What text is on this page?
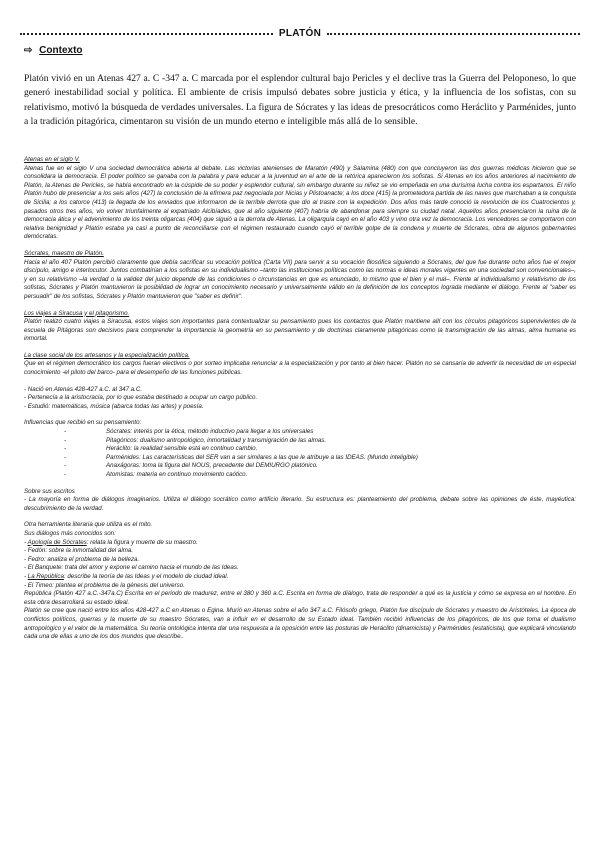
PLATÓN
⇨ Contexto

Platón vivió en un Atenas 427 a. C -347 a. C marcada por el esplendor cultural bajo Pericles y el declive tras la Guerra del Peloponeso, lo que generó inestabilidad social y política. El ambiente de crisis impulsó debates sobre justicia y ética, y la influencia de los sofistas, con su relativismo, motivó la búsqueda de verdades universales. La figura de Sócrates y las ideas de presocráticos como Heráclito y Parménides, junto a la tradición pitagórica, cimentaron su visión de un mundo eterno e inteligible más allá de lo sensible.

Atenas en el siglo V.

Atenas fue en el siglo V una sociedad democrática abierta al debate. Las victorias atenienses de Maratón (490) y Salamina (480) con que concluyeron las dos guerras médicas hicieron que se consolidara la democracia. El poder político se ganaba con la palabra y para educar a la juventud en el arte de la retórica aparecieron los sofistas. Si Atenas en los años anteriores al nacimiento de Platón, la Atenas de Pericles, se había encontrado en la cúspide de su poder y esplendor cultural, sin embargo durante su niñez se vio empeñada en una durísima lucha contra los espartanos. El niño Platón hubo de presenciar a los seis años (427) la conclusión de la efímera paz negociada por Nicias y Plistoanacte; a los doce (415) la prometedora partida de las naves que marchaban a la conquista de Sicilia; a los catorce (413) la llegada de los enviados que informaron de la terrible derrota que dio al traste con la expedición. Dos años más tarde conoció la revolución de los Cuatrocientos y, pasados otros tres años, vio volver triunfalmente al expatriado Alcibíades, que al año siguiente (407) habría de abandonar para siempre su ciudad natal. Aquellos años presenciaron la ruina de la democracia ática y el advenimiento de los treinta oligarcas (404) que siguió a la derrota de Atenas. La oligarquía cayó en el año 403 y vino otra vez la democracia. Los vencedores se comportaron con relativa benignidad y Platón estaba ya casi a punto de reconciliarse con el régimen restaurado cuando cayó el terrible golpe de la condena y muerte de Sócrates, obra de algunos gobernantes demócratas.

Sócrates, maestro de Platón.

Hacia el año 407 Platón percibió claramente que debía sacrificar su vocación política (Carta VII) para servir a su vocación filosófica siguiendo a Sócrates, del que fue durante ocho años fue el mejor discípulo, amigo e interlocutor. Juntos combatirían a los sofistas en su individualismo –tanto las instituciones políticas como las normas e ideas morales vigentes en una sociedad son convencionales–, y en su relativismo –la verdad o la validez del juicio depende de las condiciones o circunstancias en que es enunciado, lo mismo que el bien y el mal–. Frente al individualismo y relativismo de los sofistas, Sócrates y Platón mantuvieron la posibilidad de lograr un conocimiento necesario y universalmente válido en la definición de los conceptos lograda mediante el diálogo. Frente al "saber es persuadir" de los sofistas, Sócrates y Platón mantuvieron que "saber es definir".

Los viajes a Siracusa y el pitagorismo.

Platón realizó cuatro viajes a Siracusa, estos viajes son importantes para contextualizar su pensamiento pues los contactos que Platón mantiene allí con los círculos pitagóricos supervivientes de la escuela de Pitágoras son decisivos para comprender la importancia la geometría en su pensamiento y de doctrinas claramente pitagóricas como la transmigración de las almas, alma humana es inmortal.

La clase social de los artesanos y la especialización política.

Que en el régimen democrático los cargos fueran electivos o por sorteo implicaba renunciar a la especialización y por tanto al bien hacer. Platón no se cansaría de advertir la necesidad de un especial conocimiento -el piloto del barco- para el desempeño de las funciones públicas.

- Nació en Atenas 428-427 a.C. al 347 a.C.

- Pertenecía a la aristocracia, por lo que estaba destinado a ocupar un cargo público.

- Estudió: matemáticas, música (abarca todas las artes) y poesía.

Influencias que recibió en su pensamiento:

-	Sócrates: interés por la ética, método inductivo para llegar a los universales
-	Pitagóricos: dualismo antropológico, inmortalidad y transmigración de las almas.
-	Heráclito: la realidad sensible está en continuo cambio.
-	Parménides: Las características del SER van a ser similares a las que le atribuye a las IDEAS. (Mundo inteligible)
-	Anaxágoras: toma la figura del NOUS, precedente del DEMIURGO platónico.
-	Atomistas: materia en continuo movimiento caótico.

Sobre sus escritos

- La mayoría en forma de diálogos imaginarios. Utiliza el diálogo socrático como artificio literario. Su estructura es: planteamiento del problema, debate sobre las opiniones de éste, mayéutica: descubrimiento de la verdad.

Otra herramienta literaria que utiliza es el mito.

Sus diálogos más conocidos son:

- Apología de Sócrates: relata la figura y muerte de su maestro.

- Fedón: sobre la inmortalidad del alma.

- Fedro: analiza el problema de la belleza.

- El Banquete: trata del amor y expone el camino hacia el mundo de las Ideas.

- La República: describe la teoría de las Ideas y el modelo de ciudad ideal.

- El Timeo: plantea el problema de la génesis del universo.

República (Platón 427 a.C.-347a.C) Escrita en el periodo de madurez, entre el 380 y 360 a.C. Escrita en forma de diálogo, trata de responder a qué es la justicia y cómo se expresa en el hombre. En esta obra desarrollará su estado ideal.

Platón se cree que nació entre los años 428-427 a.C en Atenas o Egina. Murió en Atenas sobre el año 347 a.C. Filósofo griego, Platón fue discípulo de Sócrates y maestro de Aristóteles. La época de conflictos políticos, guerras y la muerte de su maestro Sócrates, van a influir en el desarrollo de su Estado ideal. También recibió influencias de los pitagóricos, de los que toma el dualismo antropológico y el valor de la matemática. Su teoría ontológica intenta dar una respuesta a la oposición entre las posturas de Heráclito (dinamicista) y Parménides (estaticista), que explicará vinculando cada una de ellas a uno de los dos mundos que describe..
